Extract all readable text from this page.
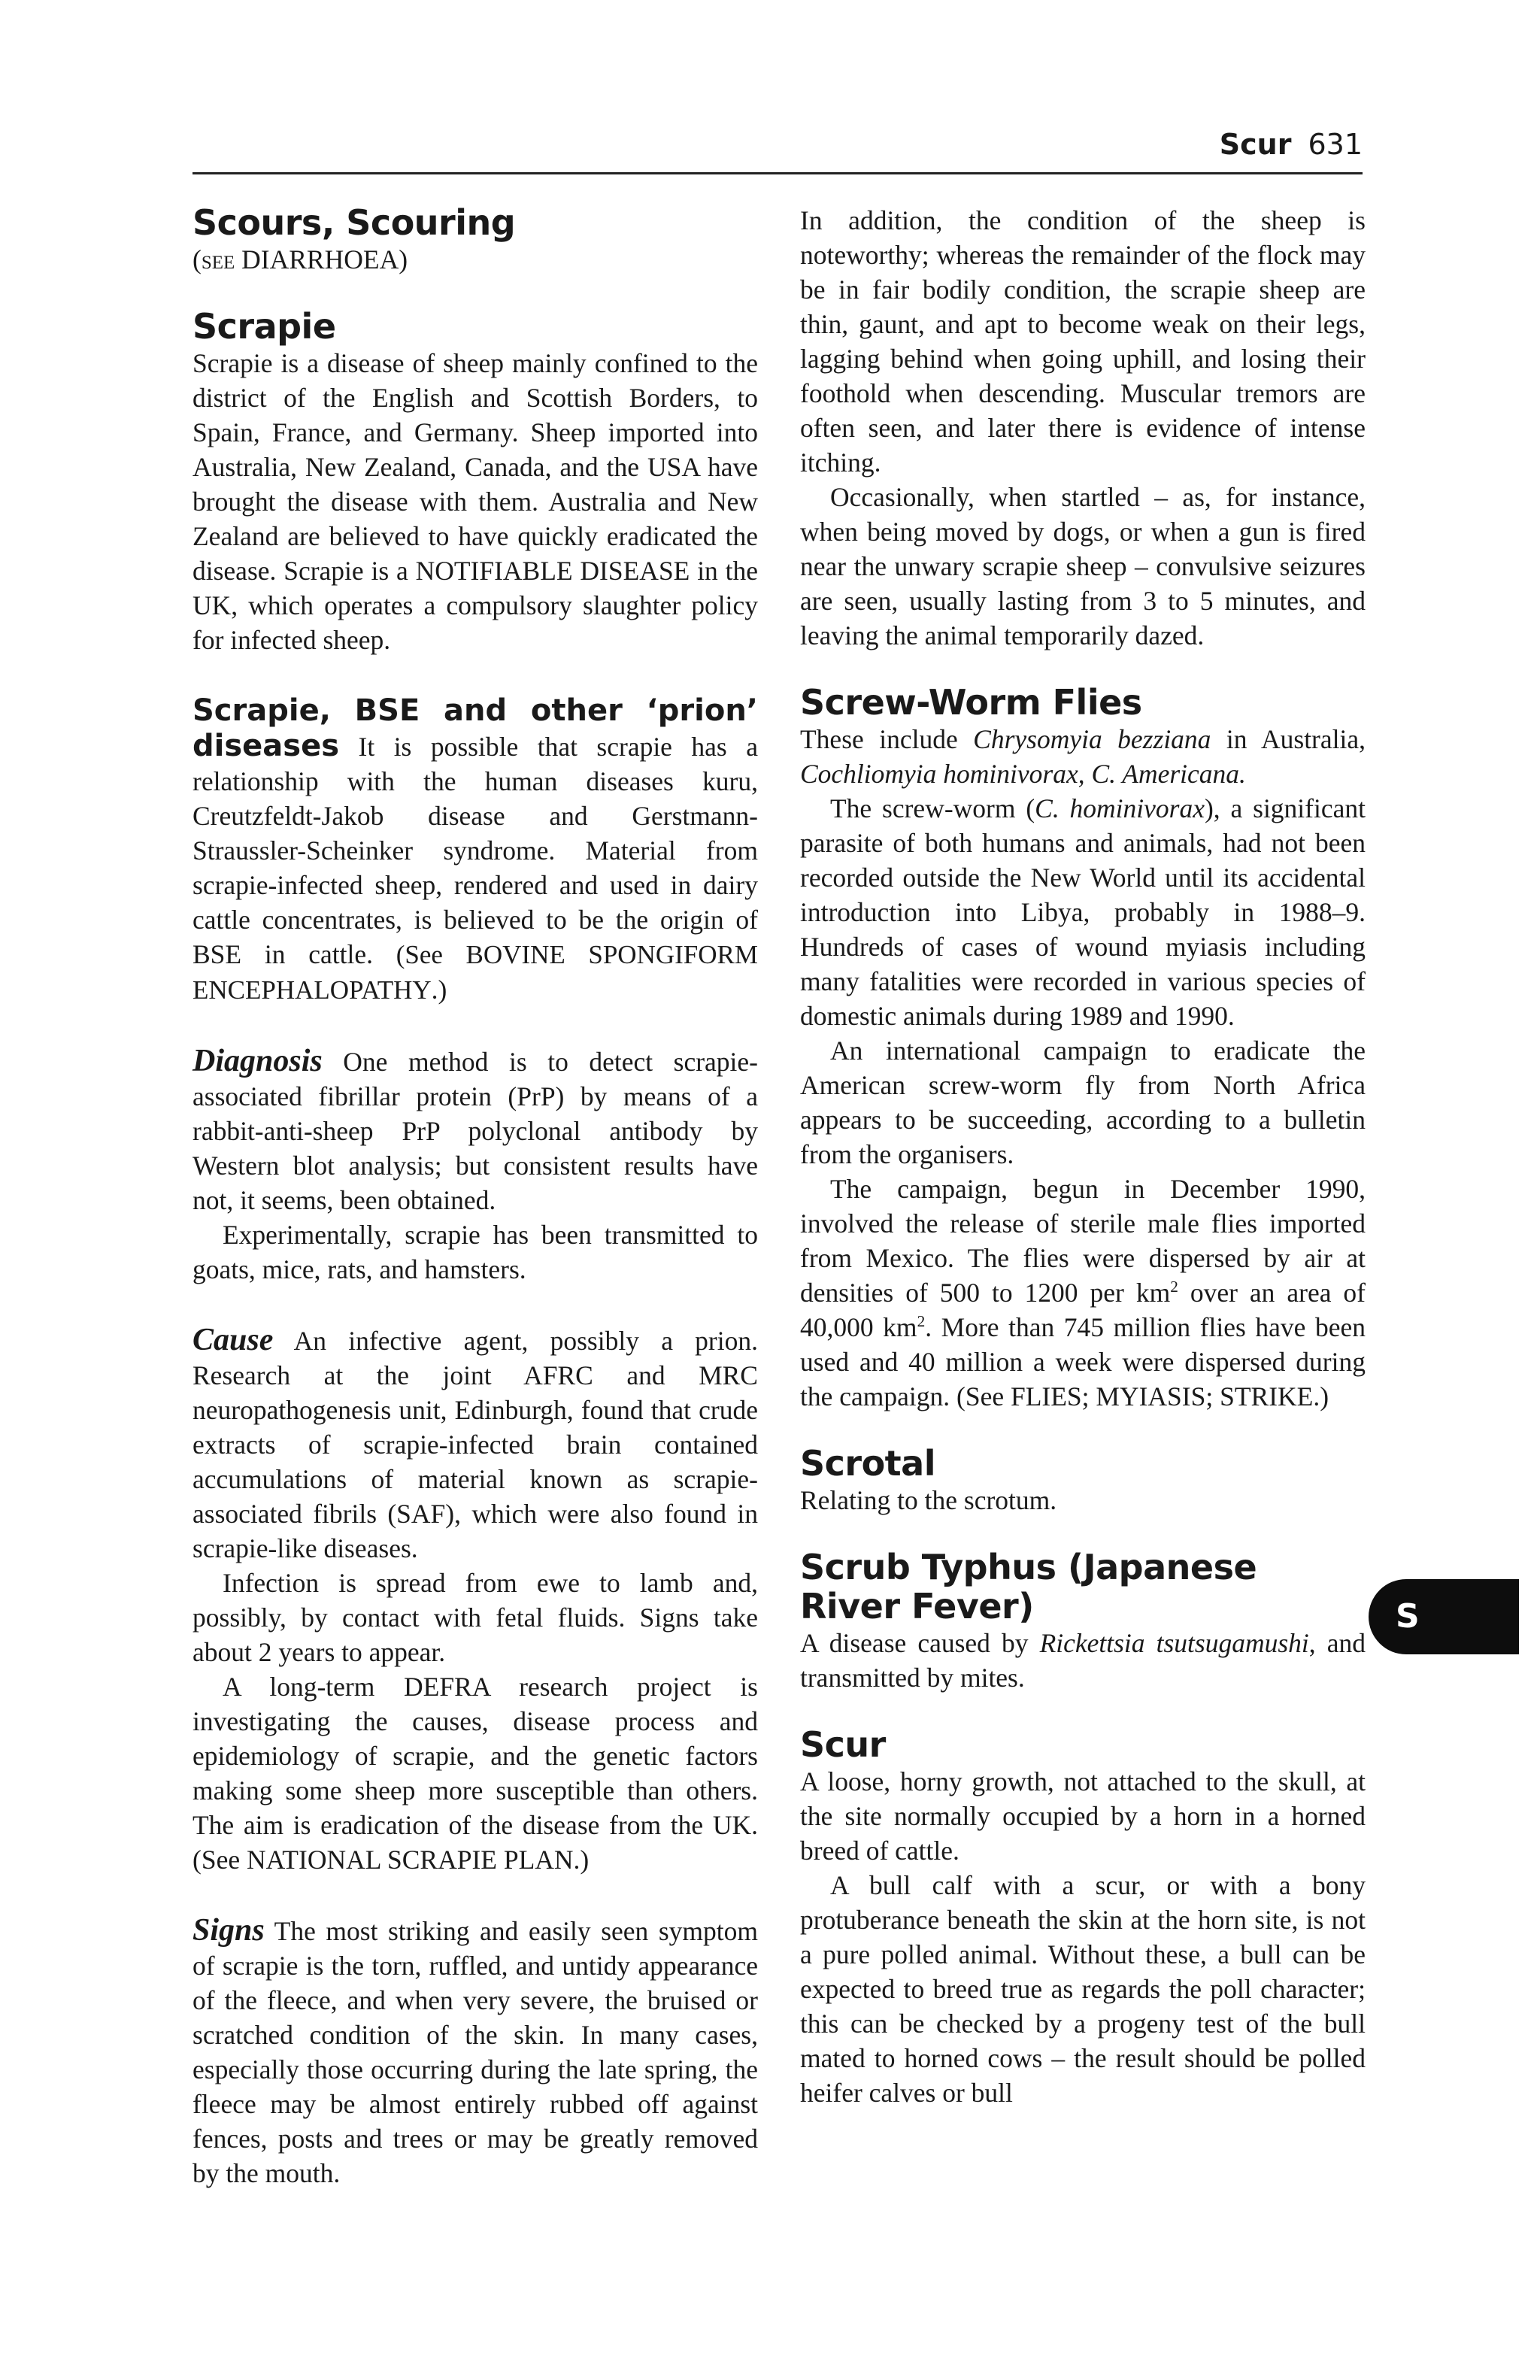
Scur 631
Scours, Scouring

(see DIARRHOEA)

Scrapie

Scrapie is a disease of sheep mainly confined to the district of the English and Scottish Borders, to Spain, France, and Germany. Sheep imported into Australia, New Zealand, Canada, and the USA have brought the disease with them. Australia and New Zealand are believed to have quickly eradicated the disease. Scrapie is a NOTIFIABLE DISEASE in the UK, which operates a compulsory slaughter policy for infected sheep.

Scrapie, BSE and other ‘prion’ diseases It is possible that scrapie has a relationship with the human diseases kuru, Creutzfeldt-Jakob disease and Gerstmann-Straussler-Scheinker syndrome. Material from scrapie-infected sheep, rendered and used in dairy cattle concentrates, is believed to be the origin of BSE in cattle. (See BOVINE SPONGIFORM ENCEPHALOPATHY.)

Diagnosis One method is to detect scrapie-associated fibrillar protein (PrP) by means of a rabbit-anti-sheep PrP polyclonal antibody by Western blot analysis; but consistent results have not, it seems, been obtained.

Experimentally, scrapie has been transmitted to goats, mice, rats, and hamsters.

Cause An infective agent, possibly a prion. Research at the joint AFRC and MRC neuropathogenesis unit, Edinburgh, found that crude extracts of scrapie-infected brain contained accumulations of material known as scrapie-associated fibrils (SAF), which were also found in scrapie-like diseases.

Infection is spread from ewe to lamb and, possibly, by contact with fetal fluids. Signs take about 2 years to appear.

A long-term DEFRA research project is investigating the causes, disease process and epidemiology of scrapie, and the genetic factors making some sheep more susceptible than others. The aim is eradication of the disease from the UK. (See NATIONAL SCRAPIE PLAN.)

Signs The most striking and easily seen symptom of scrapie is the torn, ruffled, and untidy appearance of the fleece, and when very severe, the bruised or scratched condition of the skin. In many cases, especially those occurring during the late spring, the fleece may be almost entirely rubbed off against fences, posts and trees or may be greatly removed by the mouth.

In addition, the condition of the sheep is noteworthy; whereas the remainder of the flock may be in fair bodily condition, the scrapie sheep are thin, gaunt, and apt to become weak on their legs, lagging behind when going uphill, and losing their foothold when descending. Muscular tremors are often seen, and later there is evidence of intense itching.

Occasionally, when startled – as, for instance, when being moved by dogs, or when a gun is fired near the unwary scrapie sheep – convulsive seizures are seen, usually lasting from 3 to 5 minutes, and leaving the animal temporarily dazed.

Screw-Worm Flies

These include Chrysomyia bezziana in Australia, Cochliomyia hominivorax, C. Americana.

The screw-worm (C. hominivorax), a significant parasite of both humans and animals, had not been recorded outside the New World until its accidental introduction into Libya, probably in 1988–9. Hundreds of cases of wound myiasis including many fatalities were recorded in various species of domestic animals during 1989 and 1990.

An international campaign to eradicate the American screw-worm fly from North Africa appears to be succeeding, according to a bulletin from the organisers.

The campaign, begun in December 1990, involved the release of sterile male flies imported from Mexico. The flies were dispersed by air at densities of 500 to 1200 per $km^2$ over an area of 40,000 $km^2$. More than 745 million flies have been used and 40 million a week were dispersed during the campaign. (See FLIES; MYIASIS; STRIKE.)

Scrotal

Relating to the scrotum.

Scrub Typhus (Japanese River Fever)

A disease caused by Rickettsia tsutsugamushi, and transmitted by mites.

Scur

A loose, horny growth, not attached to the skull, at the site normally occupied by a horn in a horned breed of cattle.

A bull calf with a scur, or with a bony protuberance beneath the skin at the horn site, is not a pure polled animal. Without these, a bull can be expected to breed true as regards the poll character; this can be checked by a progeny test of the bull mated to horned cows – the result should be polled heifer calves or bull

S
